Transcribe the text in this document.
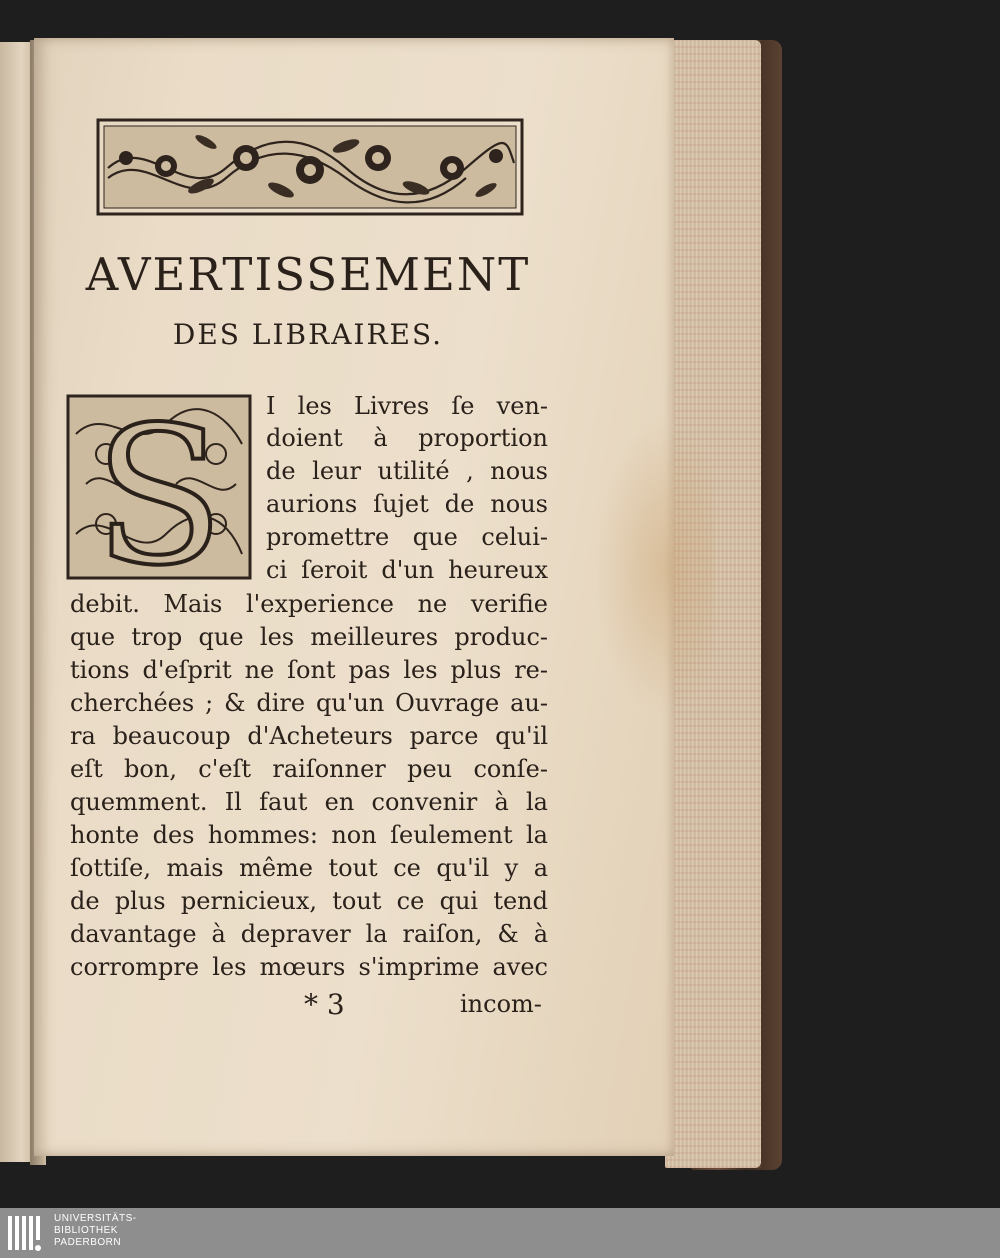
AVERTISSEMENT
DES LIBRAIRES.
S I les Livres ſe ven-
doient à proportion
de leur utilité , nous
aurions ſujet de nous
promettre que celui-
ci ſeroit d'un heureux
debit. Mais l'experience ne verifie
que trop que les meilleures produc-
tions d'eſprit ne ſont pas les plus re-
cherchées ; & dire qu'un Ouvrage au-
ra beaucoup d'Acheteurs parce qu'il
eſt bon, c'eſt raiſonner peu conſe-
quemment. Il faut en convenir à la
honte des hommes: non ſeulement la
ſottiſe, mais même tout ce qu'il y a
de plus pernicieux, tout ce qui tend
davantage à depraver la raiſon, & à
corrompre les mœurs s'imprime avec
* 3	incom-
UNIVERSITÄTS-
BIBLIOTHEK
PADERBORN
